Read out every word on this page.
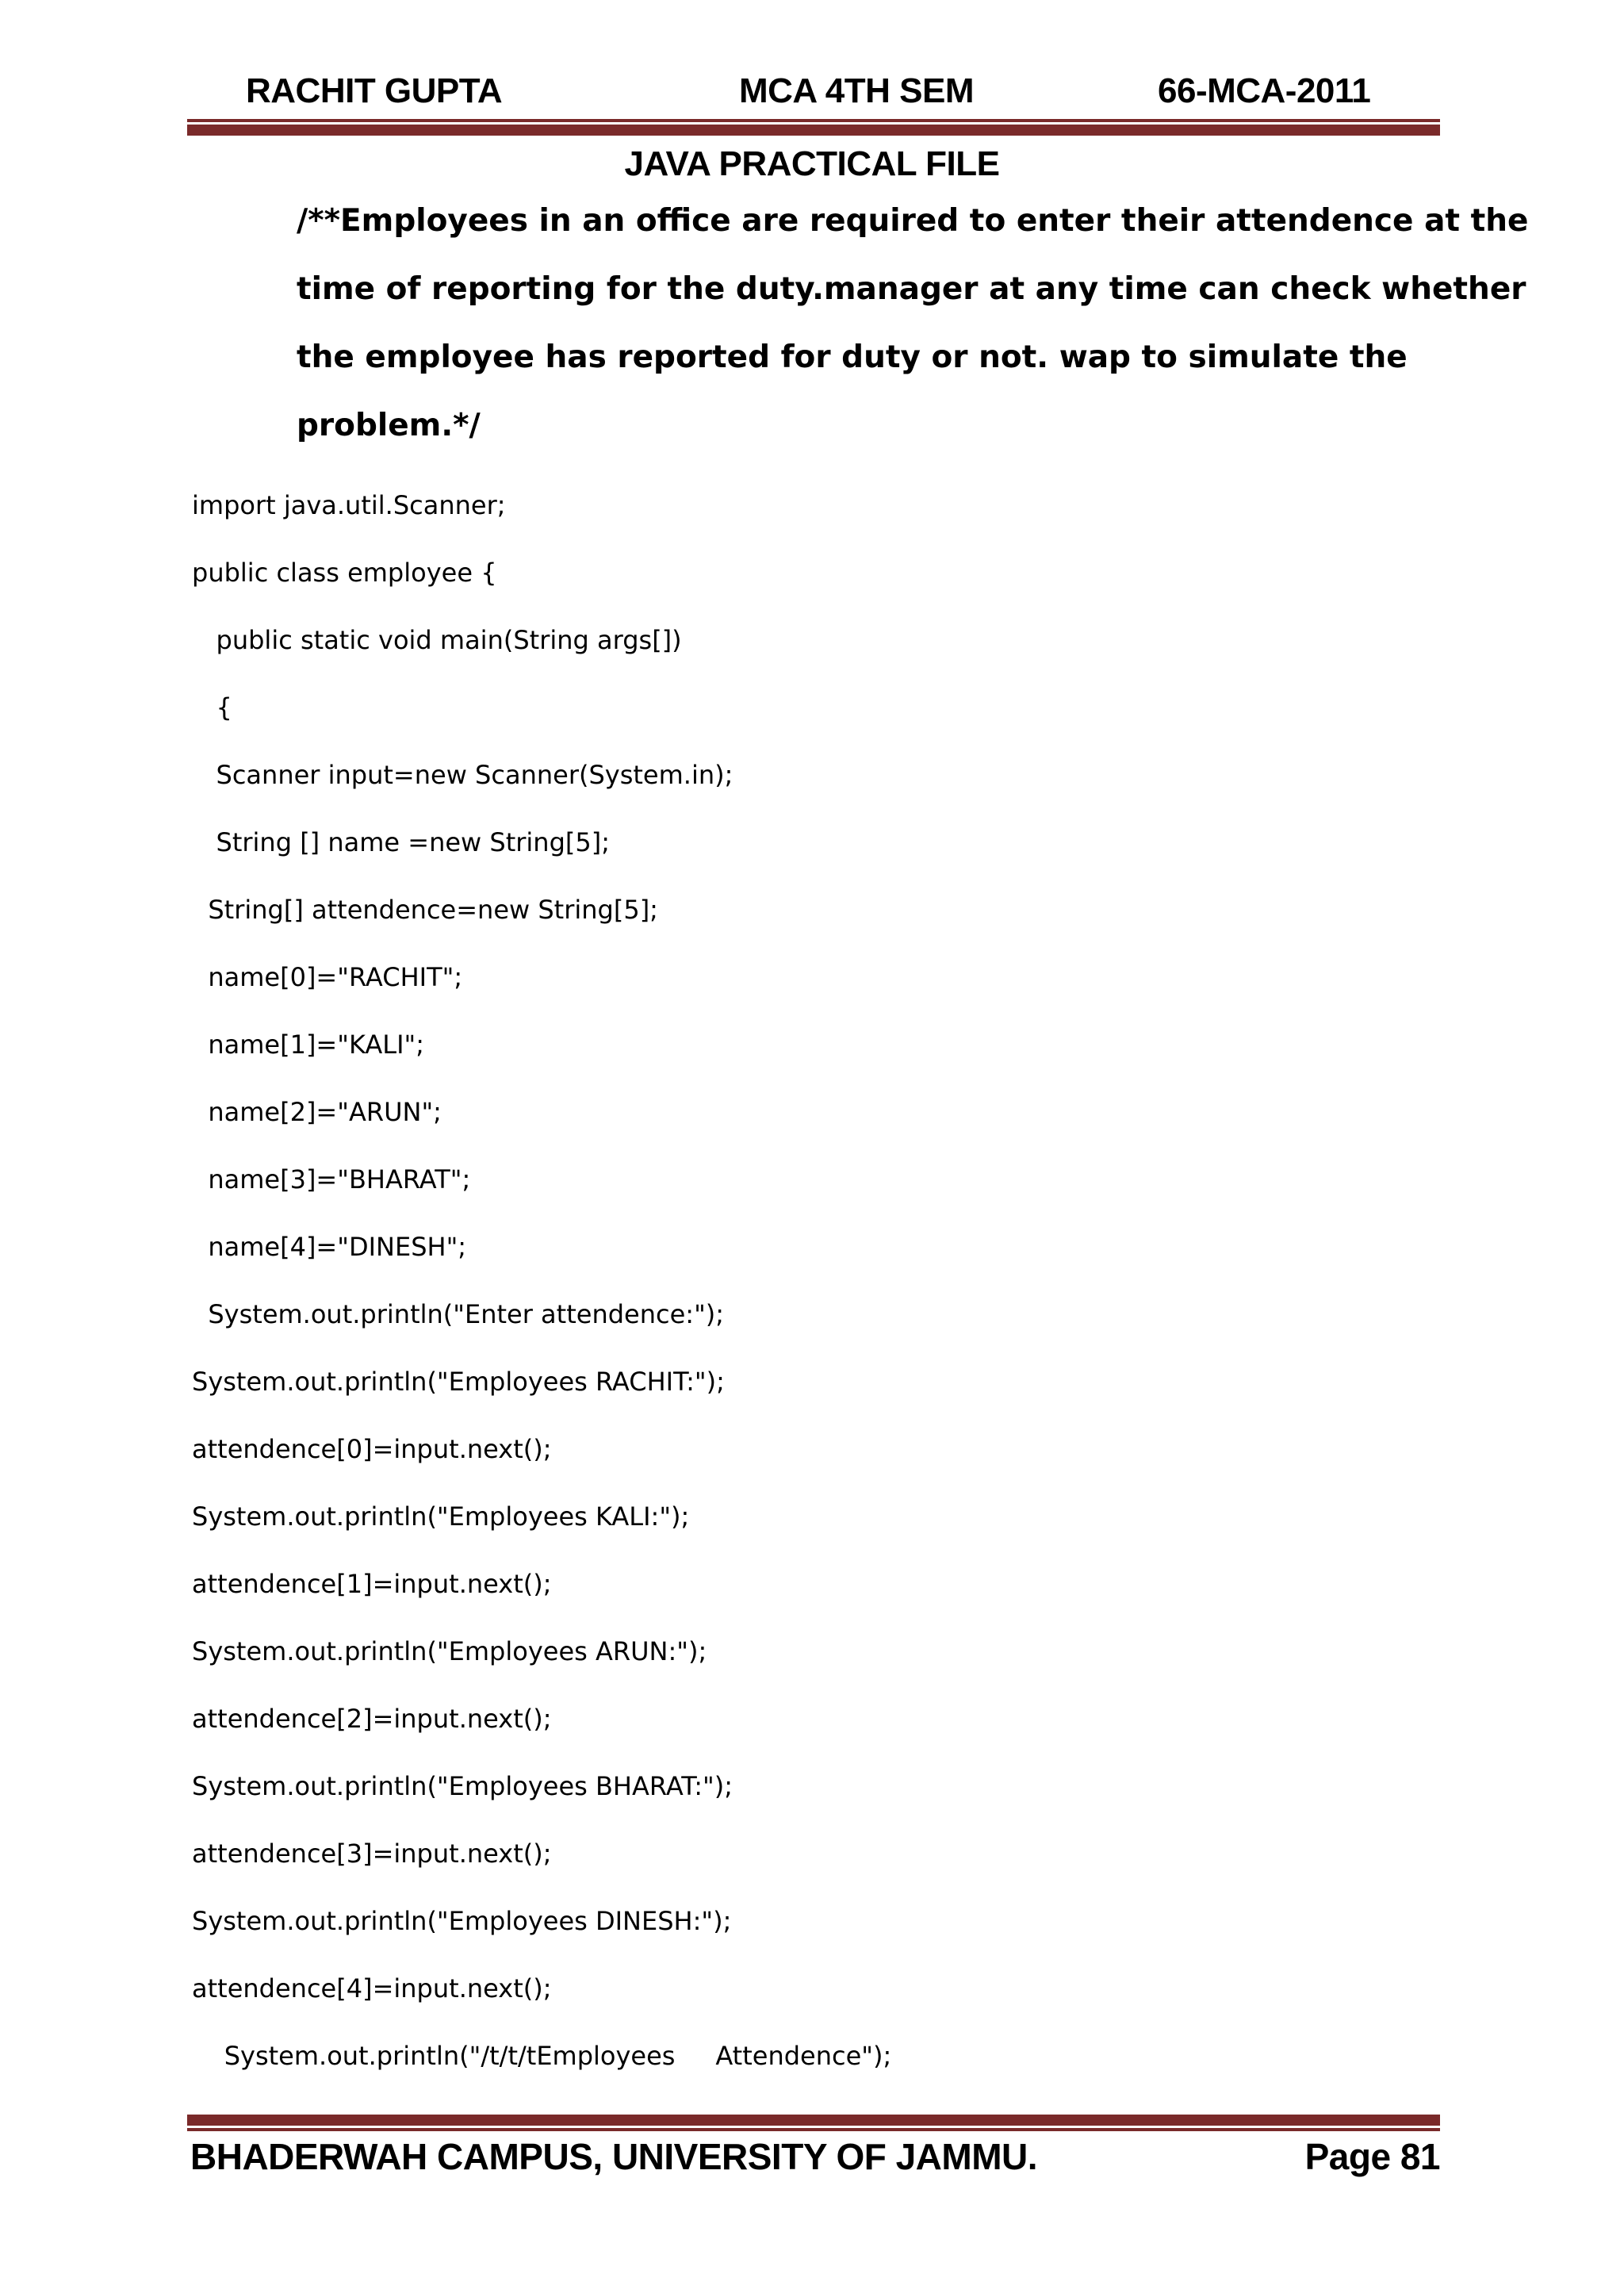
RACHIT GUPTA	MCA 4TH SEM	66-MCA-2011
JAVA PRACTICAL FILE
/**Employees in an office are required to enter their attendence at the
time of reporting for the duty.manager at any time can check whether
the employee has reported for duty or not. wap to simulate the
problem.*/
import java.util.Scanner;
public class employee {
public static void main(String args[])
{
Scanner input=new Scanner(System.in);
String [] name =new String[5];
String[] attendence=new String[5];
name[0]="RACHIT";
name[1]="KALI";
name[2]="ARUN";
name[3]="BHARAT";
name[4]="DINESH";
System.out.println("Enter attendence:");
System.out.println("Employees RACHIT:");
attendence[0]=input.next();
System.out.println("Employees KALI:");
attendence[1]=input.next();
System.out.println("Employees ARUN:");
attendence[2]=input.next();
System.out.println("Employees BHARAT:");
attendence[3]=input.next();
System.out.println("Employees DINESH:");
attendence[4]=input.next();
System.out.println("/t/t/tEmployees     Attendence");
BHADERWAH CAMPUS, UNIVERSITY OF JAMMU.	Page 81
